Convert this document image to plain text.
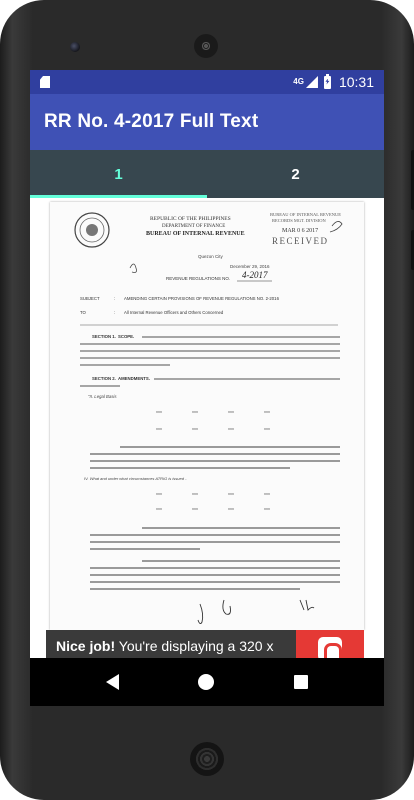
4G	10:31
RR No. 4-2017 Full Text
1	2
REPUBLIC OF THE PHILIPPINES
DEPARTMENT OF FINANCE
BUREAU OF INTERNAL REVENUE
BUREAU OF INTERNAL REVENUE
RECORDS MGT. DIVISION
MAR 0 6 2017
RECEIVED
Quezon City
December 29, 2016
REVENUE REGULATIONS NO. 4-2017
SUBJECT	: AMENDING CERTAIN PROVISIONS OF REVENUE REGULATIONS NO. 2-2016
TO	: All Internal Revenue Officers and Others Concerned
SECTION 1. SCOPE.
SECTION 2. AMENDMENTS.
"II. Legal Basis
xxx	xxx	xxx	xxx
xxx	xxx	xxx	xxx
IV. What and under what circumstances ATRIG is issued -
xxx	xxx	xxx	xxx
xxx	xxx	xxx	xxx
Nice job! You're displaying a 320 x
